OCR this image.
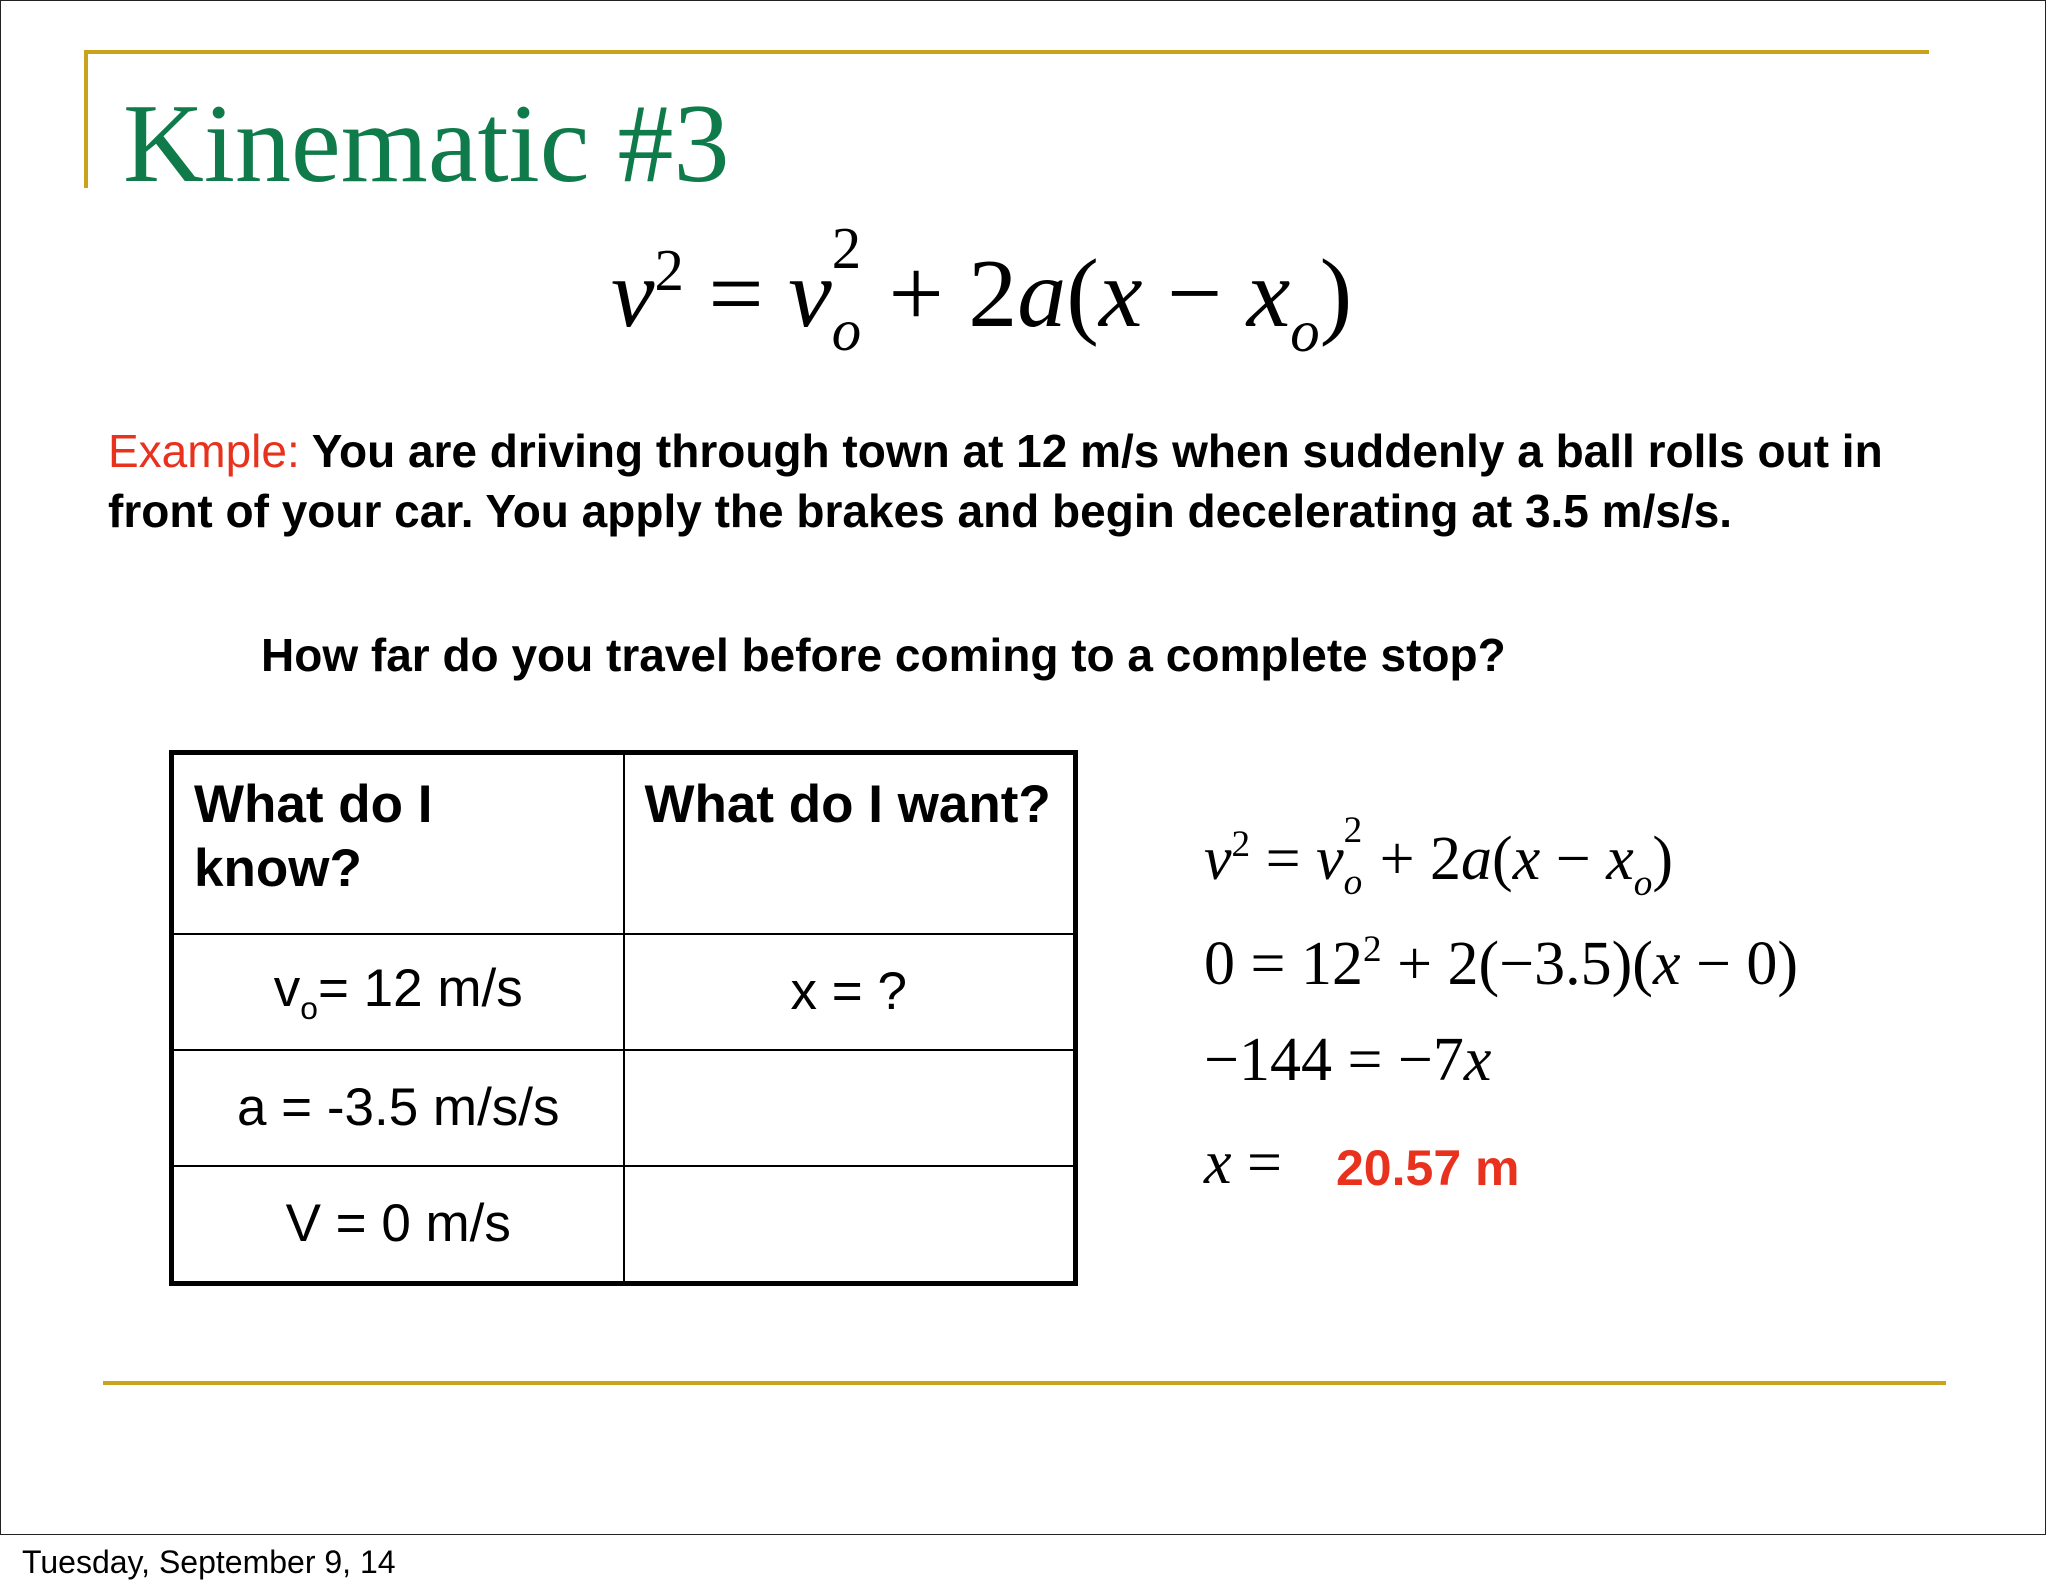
Kinematic #3
$v^2 = v$ 2
$o + 2a(x - x_o)$

Example: You are driving through town at 12 m/s when suddenly a ball rolls out in front of your car. You apply the brakes and begin decelerating at 3.5 m/s/s.

How far do you travel before coming to a complete stop?

What do I know?	What do I want?
$v_o= 12$ m/s	x = ?
a = -3.5 m/s/s	
V = 0 m/s	
$v^2 = v$ 2
$o + 2a(x - x_o)$
$0 = 12^2 + 2(-3.5)(x - 0)$
−144 = −7x
x = 20.57 m
Tuesday, September 9, 14
